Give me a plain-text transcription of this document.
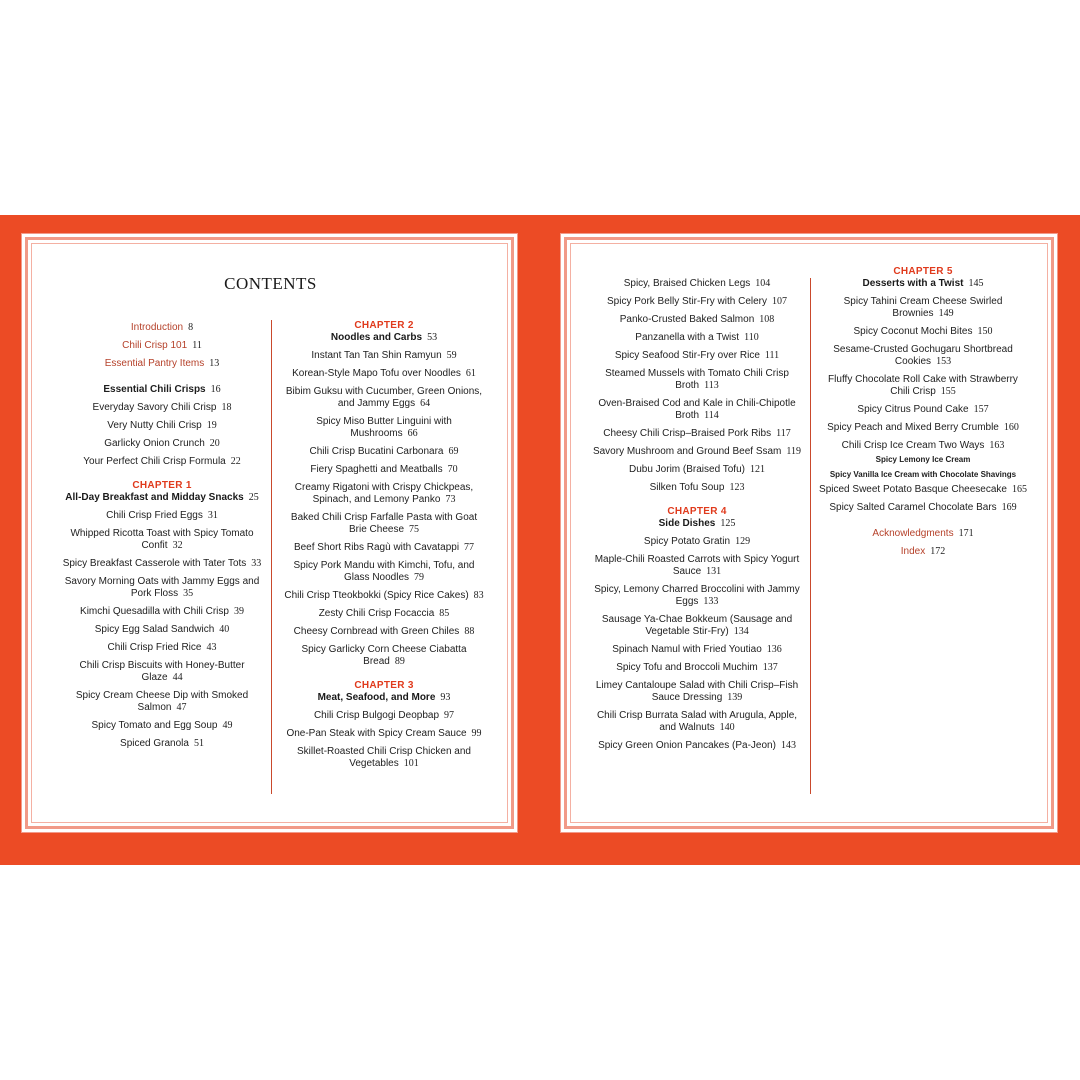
CONTENTS
Introduction 8
Chili Crisp 101 11
Essential Pantry Items 13
Essential Chili Crisps 16
Everyday Savory Chili Crisp 18
Very Nutty Chili Crisp 19
Garlicky Onion Crunch 20
Your Perfect Chili Crisp Formula 22
CHAPTER 1
All-Day Breakfast and Midday Snacks 25
Chili Crisp Fried Eggs 31
Whipped Ricotta Toast with Spicy Tomato Confit 32
Spicy Breakfast Casserole with Tater Tots 33
Savory Morning Oats with Jammy Eggs and Pork Floss 35
Kimchi Quesadilla with Chili Crisp 39
Spicy Egg Salad Sandwich 40
Chili Crisp Fried Rice 43
Chili Crisp Biscuits with Honey-Butter Glaze 44
Spicy Cream Cheese Dip with Smoked Salmon 47
Spicy Tomato and Egg Soup 49
Spiced Granola 51
CHAPTER 2
Noodles and Carbs 53
Instant Tan Tan Shin Ramyun 59
Korean-Style Mapo Tofu over Noodles 61
Bibim Guksu with Cucumber, Green Onions, and Jammy Eggs 64
Spicy Miso Butter Linguini with Mushrooms 66
Chili Crisp Bucatini Carbonara 69
Fiery Spaghetti and Meatballs 70
Creamy Rigatoni with Crispy Chickpeas, Spinach, and Lemony Panko 73
Baked Chili Crisp Farfalle Pasta with Goat Brie Cheese 75
Beef Short Ribs Ragù with Cavatappi 77
Spicy Pork Mandu with Kimchi, Tofu, and Glass Noodles 79
Chili Crisp Tteokbokki (Spicy Rice Cakes) 83
Zesty Chili Crisp Focaccia 85
Cheesy Cornbread with Green Chiles 88
Spicy Garlicky Corn Cheese Ciabatta Bread 89
CHAPTER 3
Meat, Seafood, and More 93
Chili Crisp Bulgogi Deopbap 97
One-Pan Steak with Spicy Cream Sauce 99
Skillet-Roasted Chili Crisp Chicken and Vegetables 101
Spicy, Braised Chicken Legs 104
Spicy Pork Belly Stir-Fry with Celery 107
Panko-Crusted Baked Salmon 108
Panzanella with a Twist 110
Spicy Seafood Stir-Fry over Rice 111
Steamed Mussels with Tomato Chili Crisp Broth 113
Oven-Braised Cod and Kale in Chili-Chipotle Broth 114
Cheesy Chili Crisp–Braised Pork Ribs 117
Savory Mushroom and Ground Beef Ssam 119
Dubu Jorim (Braised Tofu) 121
Silken Tofu Soup 123
CHAPTER 4
Side Dishes 125
Spicy Potato Gratin 129
Maple-Chili Roasted Carrots with Spicy Yogurt Sauce 131
Spicy, Lemony Charred Broccolini with Jammy Eggs 133
Sausage Ya-Chae Bokkeum (Sausage and Vegetable Stir-Fry) 134
Spinach Namul with Fried Youtiao 136
Spicy Tofu and Broccoli Muchim 137
Limey Cantaloupe Salad with Chili Crisp–Fish Sauce Dressing 139
Chili Crisp Burrata Salad with Arugula, Apple, and Walnuts 140
Spicy Green Onion Pancakes (Pa-Jeon) 143
CHAPTER 5
Desserts with a Twist 145
Spicy Tahini Cream Cheese Swirled Brownies 149
Spicy Coconut Mochi Bites 150
Sesame-Crusted Gochugaru Shortbread Cookies 153
Fluffy Chocolate Roll Cake with Strawberry Chili Crisp 155
Spicy Citrus Pound Cake 157
Spicy Peach and Mixed Berry Crumble 160
Chili Crisp Ice Cream Two Ways 163
Spicy Lemony Ice Cream
Spicy Vanilla Ice Cream with Chocolate Shavings
Spiced Sweet Potato Basque Cheesecake 165
Spicy Salted Caramel Chocolate Bars 169
Acknowledgments 171
Index 172
